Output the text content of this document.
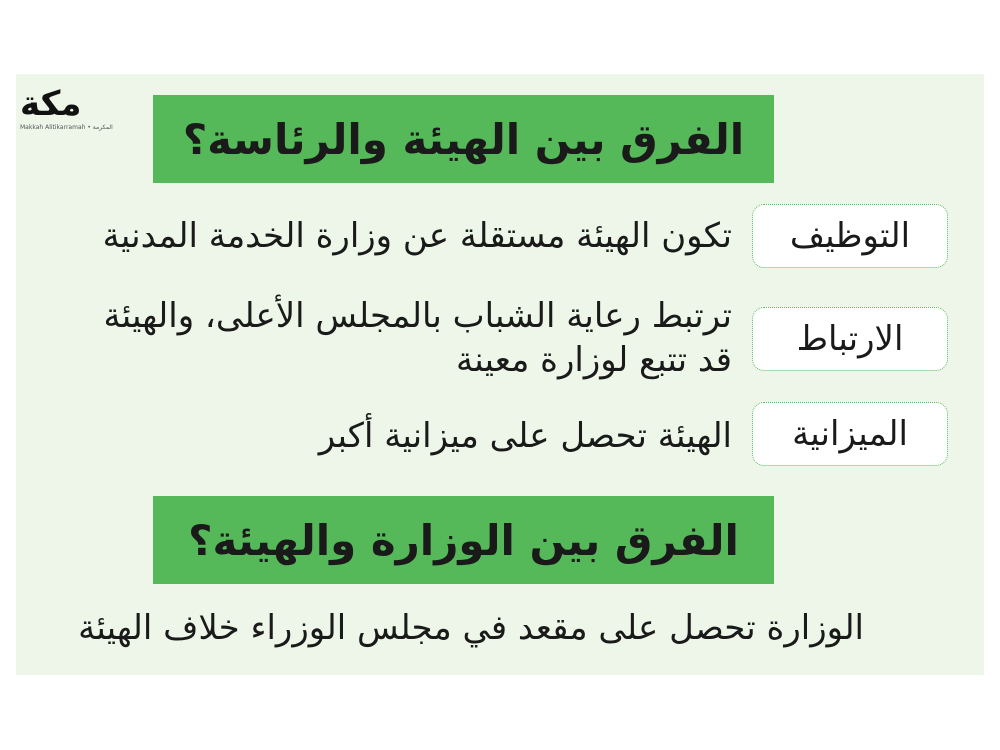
مكة
Makkah Alitikarramah • المكرمة	الفرق بين الهيئة والرئاسة؟
التوظيف
تكون الهيئة مستقلة عن وزارة الخدمة المدنية
الارتباط
ترتبط رعاية الشباب بالمجلس الأعلى، والهيئة
قد تتبع لوزارة معينة
الميزانية
الهيئة تحصل على ميزانية أكبر
الفرق بين الوزارة والهيئة؟
الوزارة تحصل على مقعد في مجلس الوزراء خلاف الهيئة
